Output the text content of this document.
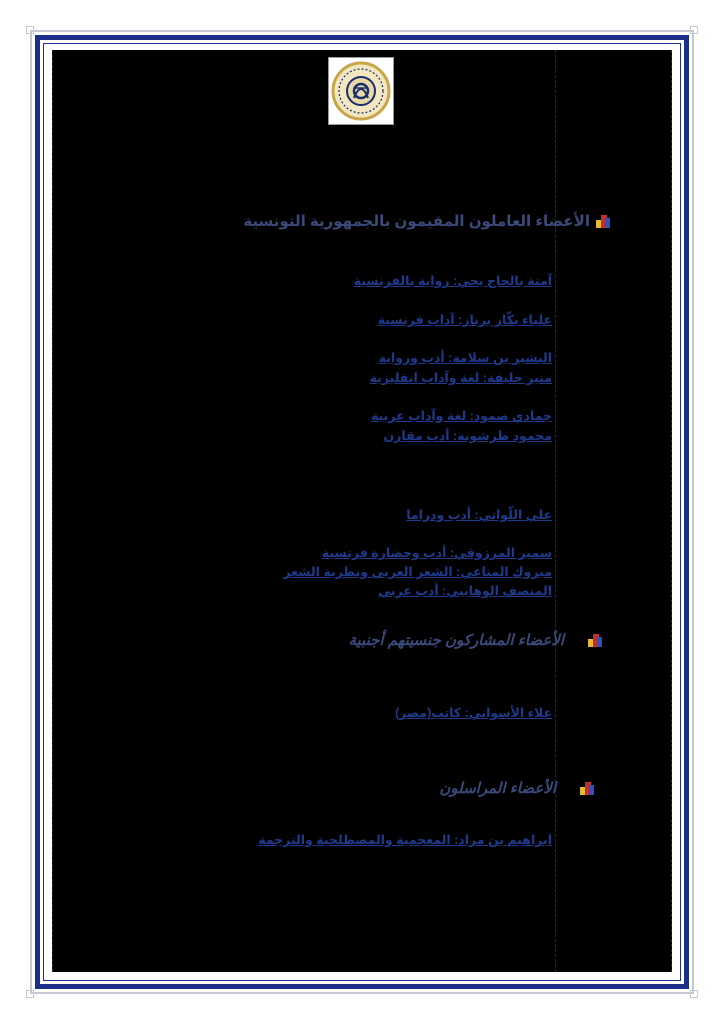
الأعضاء العاملون المقيمون بالجمهورية التونسية
آمنة بالحاج يحي: رواية بالفرنسية
علياء بكّار برناز: آداب فرنسية
البشير بن سلامة: أدب ورواية
منير خليفة: لغة وآداب انقليزية
جمادي صمود: لغة وآداب عربية
محمود طرشونة: أدب مقارن
علي اللّواتي: أدب ودراما
سمير المرزوقي: أدب وحضارة فرنسية
مبروك المناعي: الشعر العربي ونظرية الشعر
المنصف الوهايبي: أدب عربي
الأعضاء المشاركون جنسيتهم أجنبية
علاء الأسواني: كاتب(مصر)
الأعضاء المراسلون
ابراهيم بن مراد: المعجمية والمصطلحية والترجمة
